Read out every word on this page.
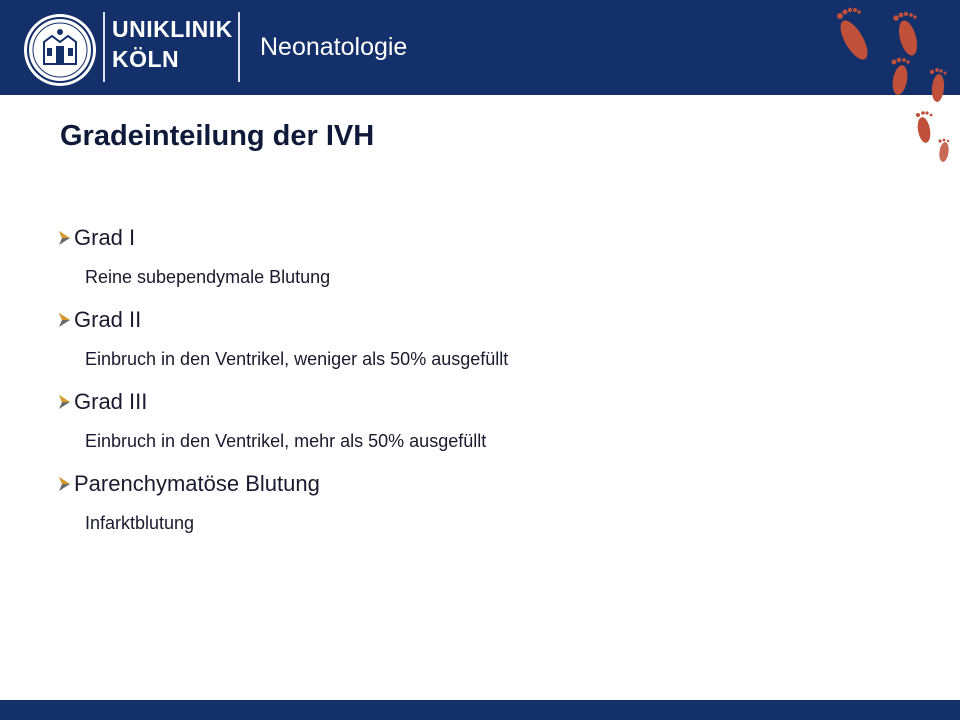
UNIKLINIK
KÖLN	Neonatologie
Gradeinteilung der IVH
Grad I
Reine subependymale Blutung
Grad II
Einbruch in den Ventrikel, weniger als 50% ausgefüllt
Grad III
Einbruch in den Ventrikel, mehr als 50% ausgefüllt
Parenchymatöse Blutung
Infarktblutung
